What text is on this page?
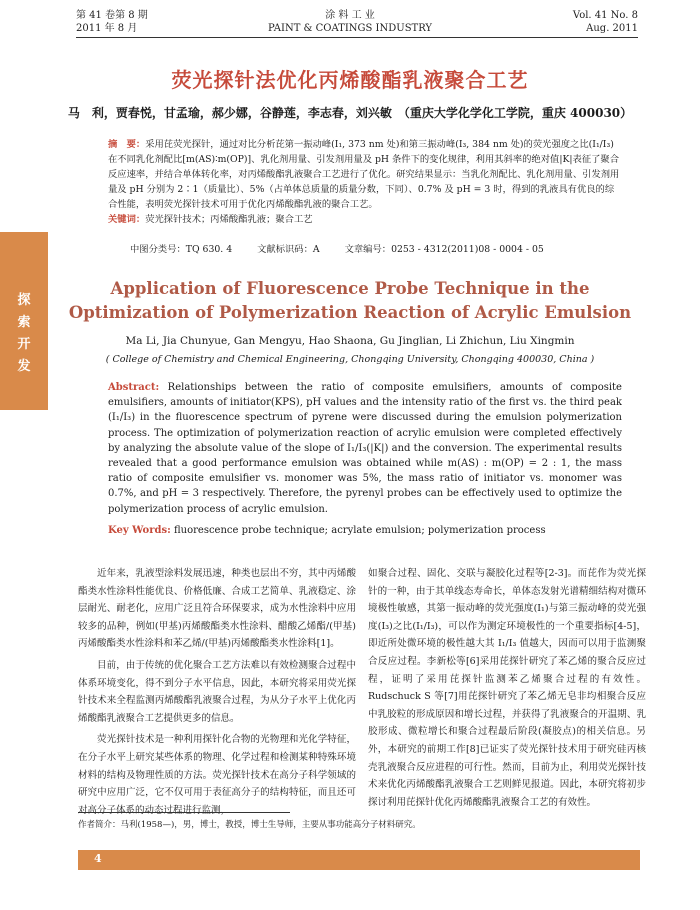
第 41 卷第 8 期
2011 年 8 月
涂 料 工 业
PAINT & COATINGS INDUSTRY
Vol. 41 No. 8
Aug. 2011
探
索
开
发
荧光探针法优化丙烯酸酯乳液聚合工艺
马　利，贾春悦，甘孟瑜，郝少娜，谷静莲，李志春，刘兴敏　（重庆大学化学化工学院，重庆 400030）
摘　要：采用芘荧光探针，通过对比分析芘第一振动峰(I₁, 373 nm 处)和第三振动峰(I₃, 384 nm 处)的荧光强度之比(I₁/I₃)在不同乳化剂配比[m(AS)∶m(OP)]、乳化剂用量、引发剂用量及 pH 条件下的变化规律，利用其斜率的绝对值|K|表征了聚合反应速率，并结合单体转化率，对丙烯酸酯乳液聚合工艺进行了优化。研究结果显示：当乳化剂配比、乳化剂用量、引发剂用量及 pH 分别为 2∶1（质量比）、5%（占单体总质量的质量分数，下同）、0.7% 及 pH = 3 时，得到的乳液具有优良的综合性能，表明荧光探针技术可用于优化丙烯酸酯乳液的聚合工艺。
关键词：荧光探针技术；丙烯酸酯乳液；聚合工艺
中图分类号：TQ 630. 4	文献标识码：A	文章编号：0253 - 4312(2011)08 - 0004 - 05
Application of Fluorescence Probe Technique in the
Optimization of Polymerization Reaction of Acrylic Emulsion
Ma Li, Jia Chunyue, Gan Mengyu, Hao Shaona, Gu Jinglian, Li Zhichun, Liu Xingmin
( College of Chemistry and Chemical Engineering, Chongqing University, Chongqing 400030, China )
Abstract: Relationships between the ratio of composite emulsifiers, amounts of composite emulsifiers, amounts of initiator(KPS), pH values and the intensity ratio of the first vs. the third peak (I₁/I₃) in the fluorescence spectrum of pyrene were discussed during the emulsion polymerization process. The optimization of polymerization reaction of acrylic emulsion were completed effectively by analyzing the absolute value of the slope of I₁/I₃(|K|) and the conversion. The experimental results revealed that a good performance emulsion was obtained while m(AS) : m(OP) = 2 : 1, the mass ratio of composite emulsifier vs. monomer was 5%, the mass ratio of initiator vs. monomer was 0.7%, and pH = 3 respectively. Therefore, the pyrenyl probes can be effectively used to optimize the polymerization process of acrylic emulsion.
Key Words: fluorescence probe technique; acrylate emulsion; polymerization process

近年来，乳液型涂料发展迅速，种类也层出不穷，其中丙烯酸酯类水性涂料性能优良、价格低廉、合成工艺简单、乳液稳定、涂层耐光、耐老化，应用广泛且符合环保要求，成为水性涂料中应用较多的品种，例如(甲基)丙烯酸酯类水性涂料、醋酸乙烯酯/(甲基)丙烯酸酯类水性涂料和苯乙烯/(甲基)丙烯酸酯类水性涂料[1]。

目前，由于传统的优化聚合工艺方法难以有效检测聚合过程中体系环境变化，得不到分子水平信息，因此，本研究将采用荧光探针技术来全程监测丙烯酸酯乳液聚合过程，为从分子水平上优化丙烯酸酯乳液聚合工艺提供更多的信息。

荧光探针技术是一种利用探针化合物的光物理和光化学特征，在分子水平上研究某些体系的物理、化学过程和检测某种特殊环境材料的结构及物理性质的方法。荧光探针技术在高分子科学领域的研究中应用广泛，它不仅可用于表征高分子的结构特征，而且还可对高分子体系的动态过程进行监测，

如聚合过程、固化、交联与凝胶化过程等[2-3]。而芘作为荧光探针的一种，由于其单线态寿命长，单体态发射光谱精细结构对微环境极性敏感，其第一振动峰的荧光强度(I₁)与第三振动峰的荧光强度(I₃)之比(I₁/I₃)，可以作为测定环境极性的一个重要指标[4-5]，即近所处微环境的极性越大其 I₁/I₃ 值越大，因而可以用于监测聚合反应过程。李新松等[6]采用芘探针研究了苯乙烯的聚合反应过程，证明了采用芘探针监测苯乙烯聚合过程的有效性。Rudschuck S 等[7]用芘探针研究了苯乙烯无皂非均相聚合反应中乳胶粒的形成原因和增长过程，并获得了乳液聚合的开温期、乳胶形成、微粒增长和聚合过程最后阶段(凝胶点)的相关信息。另外，本研究的前期工作[8]已证实了荧光探针技术用于研究硅丙核壳乳液聚合反应进程的可行性。然而，目前为止，利用荧光探针技术来优化丙烯酸酯乳液聚合工艺则鲜见报道。因此，本研究将初步探讨利用芘探针优化丙烯酸酯乳液聚合工艺的有效性。

作者简介：马利(1958—)，男，博士，教授，博士生导师，主要从事功能高分子材料研究。
4
